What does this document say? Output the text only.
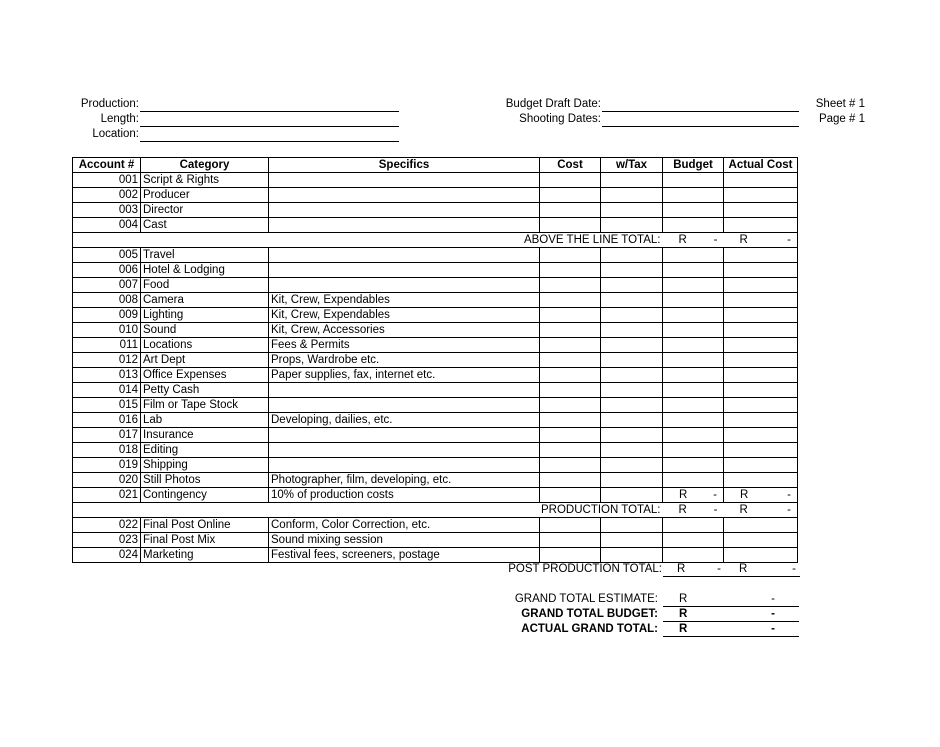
Production:
Length:
Location:
Budget Draft Date:
Shooting Dates:
Sheet # 1
Page # 1
Account #	Category	Specifics	Cost	w/Tax	Budget	Actual Cost
001	Script & Rights					
002	Producer					
003	Director					
004	Cast					
ABOVE THE LINE TOTAL:					R -	R -

005	Travel					
006	Hotel & Lodging					
007	Food					
008	Camera	Kit, Crew, Expendables				
009	Lighting	Kit, Crew, Expendables				
010	Sound	Kit, Crew, Accessories				
011	Locations	Fees & Permits				
012	Art Dept	Props, Wardrobe etc.				
013	Office Expenses	Paper supplies, fax, internet etc.				
014	Petty Cash					
015	Film or Tape Stock					
016	Lab	Developing, dailies, etc.				
017	Insurance					
018	Editing					
019	Shipping					
020	Still Photos	Photographer, film, developing, etc.				
021	Contingency	10% of production costs			R -	R -

PRODUCTION TOTAL:					R -	R -

022	Final Post Online	Conform, Color Correction, etc.				
023	Final Post Mix	Sound mixing session				
024	Marketing	Festival fees, screeners, postage				
POST PRODUCTION TOTAL: R	- R	-
GRAND TOTAL ESTIMATE: R	-
GRAND TOTAL BUDGET: R	-
ACTUAL GRAND TOTAL: R	-
